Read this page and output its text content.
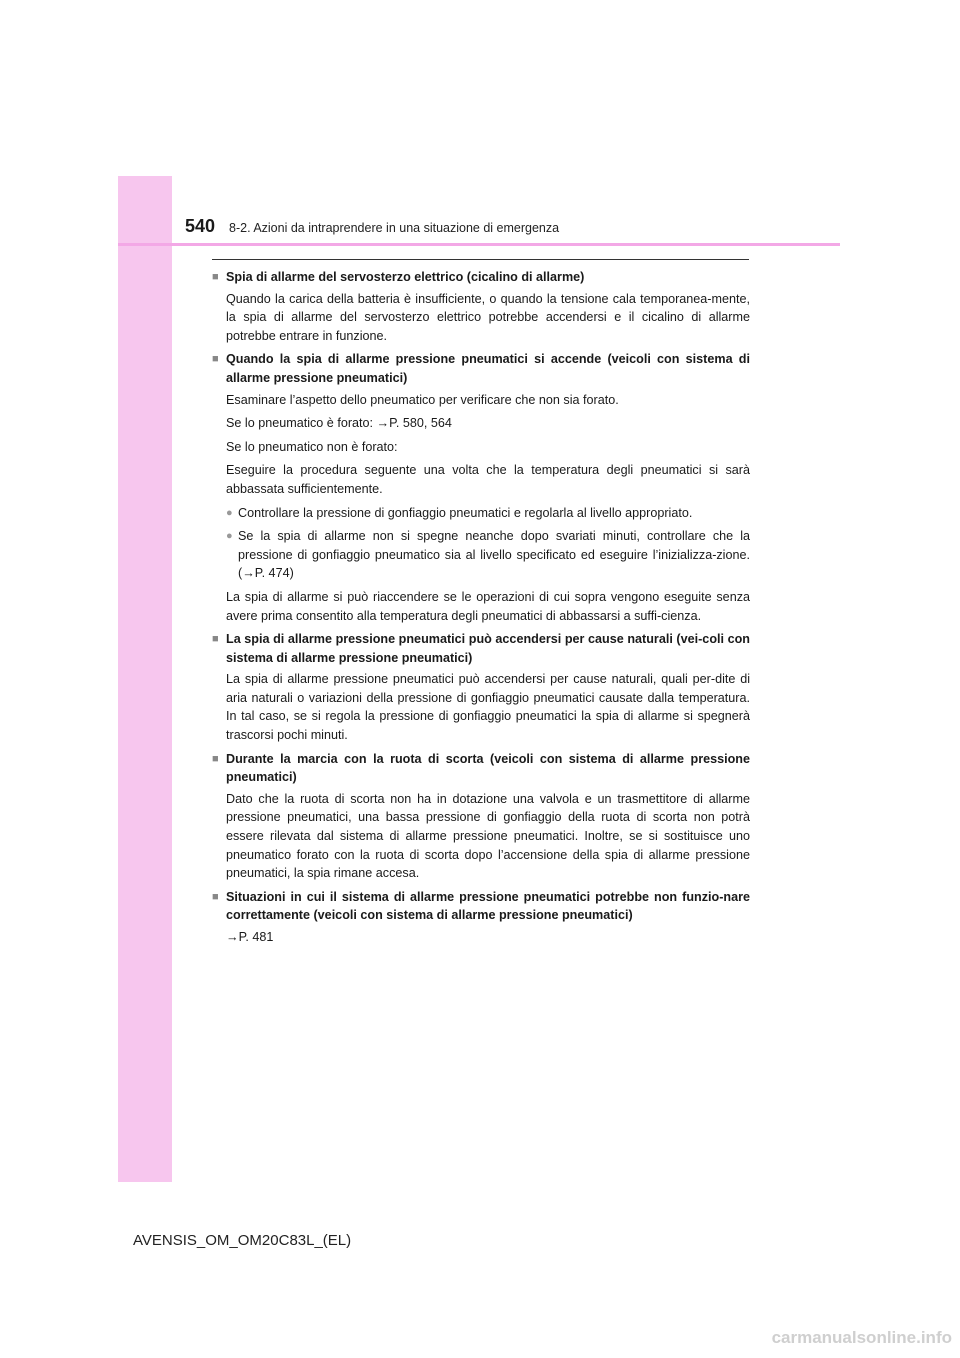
540 8-2. Azioni da intraprendere in una situazione di emergenza
■ Spia di allarme del servosterzo elettrico (cicalino di allarme)
Quando la carica della batteria è insufficiente, o quando la tensione cala temporanea-mente, la spia di allarme del servosterzo elettrico potrebbe accendersi e il cicalino di allarme potrebbe entrare in funzione.
■ Quando la spia di allarme pressione pneumatici si accende (veicoli con sistema di allarme pressione pneumatici)
Esaminare l’aspetto dello pneumatico per verificare che non sia forato.
Se lo pneumatico è forato: →P. 580, 564
Se lo pneumatico non è forato:
Eseguire la procedura seguente una volta che la temperatura degli pneumatici si sarà abbassata sufficientemente.
● Controllare la pressione di gonfiaggio pneumatici e regolarla al livello appropriato.
● Se la spia di allarme non si spegne neanche dopo svariati minuti, controllare che la pressione di gonfiaggio pneumatico sia al livello specificato ed eseguire l’inizializza-zione. (→P. 474)
La spia di allarme si può riaccendere se le operazioni di cui sopra vengono eseguite senza avere prima consentito alla temperatura degli pneumatici di abbassarsi a suffi-cienza.
■ La spia di allarme pressione pneumatici può accendersi per cause naturali (vei-coli con sistema di allarme pressione pneumatici)
La spia di allarme pressione pneumatici può accendersi per cause naturali, quali per-dite di aria naturali o variazioni della pressione di gonfiaggio pneumatici causate dalla temperatura. In tal caso, se si regola la pressione di gonfiaggio pneumatici la spia di allarme si spegnerà trascorsi pochi minuti.
■ Durante la marcia con la ruota di scorta (veicoli con sistema di allarme pressione pneumatici)
Dato che la ruota di scorta non ha in dotazione una valvola e un trasmettitore di allarme pressione pneumatici, una bassa pressione di gonfiaggio della ruota di scorta non potrà essere rilevata dal sistema di allarme pressione pneumatici. Inoltre, se si sostituisce uno pneumatico forato con la ruota di scorta dopo l’accensione della spia di allarme pressione pneumatici, la spia rimane accesa.
■ Situazioni in cui il sistema di allarme pressione pneumatici potrebbe non funzio-nare correttamente (veicoli con sistema di allarme pressione pneumatici)
→P. 481
AVENSIS_OM_OM20C83L_(EL)
carmanualsonline.info
